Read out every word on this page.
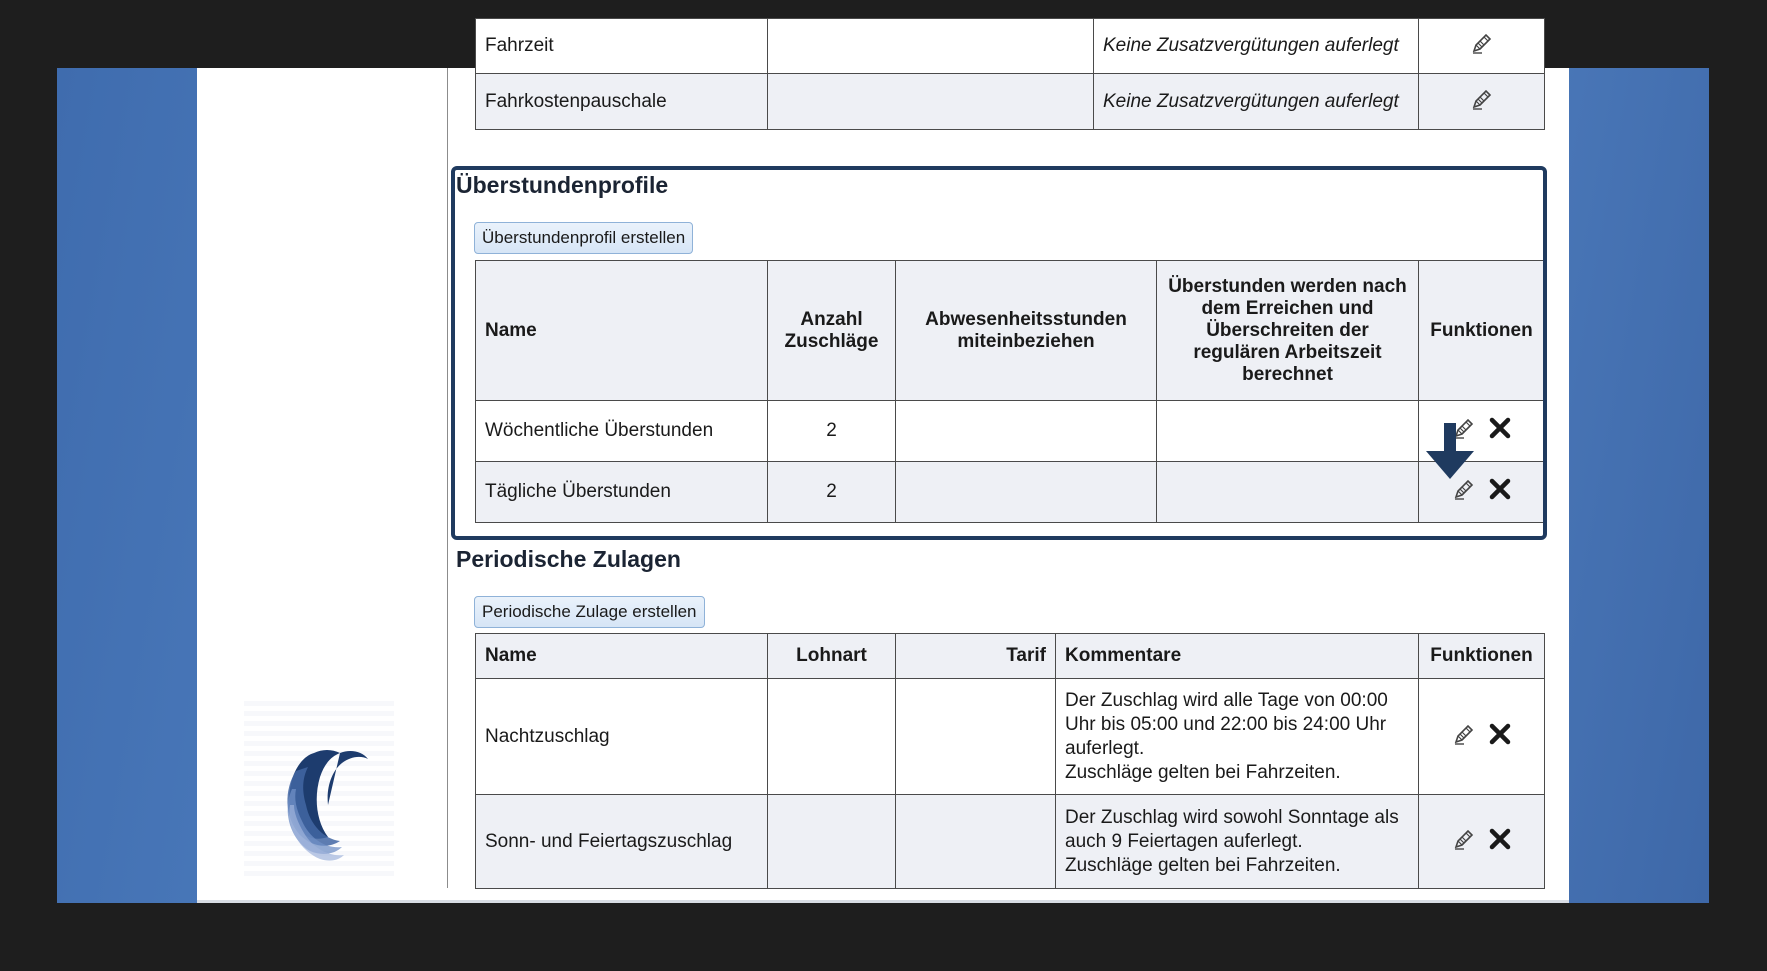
Fahrzeit		Keine Zusatzvergütungen auferlegt	
Fahrkostenpauschale		Keine Zusatzvergütungen auferlegt	
Überstundenprofile
Überstundenprofil erstellen
Name	Anzahl Zuschläge	Abwesenheitsstunden miteinbeziehen	Überstunden werden nach dem Erreichen und Überschreiten der regulären Arbeitszeit berechnet	Funktionen
Wöchentliche Überstunden	2			

Tägliche Überstunden	2			
Periodische Zulagen
Periodische Zulage erstellen
Name	Lohnart	Tarif	Kommentare	Funktionen
Nachtzuschlag			Der Zuschlag wird alle Tage von 00:00
Uhr bis 05:00 und 22:00 bis 24:00 Uhr
auferlegt.
Zuschläge gelten bei Fahrzeiten.

Sonn- und Feiertagszuschlag			Der Zuschlag wird sowohl Sonntage als
auch 9 Feiertagen auferlegt.
Zuschläge gelten bei Fahrzeiten.
